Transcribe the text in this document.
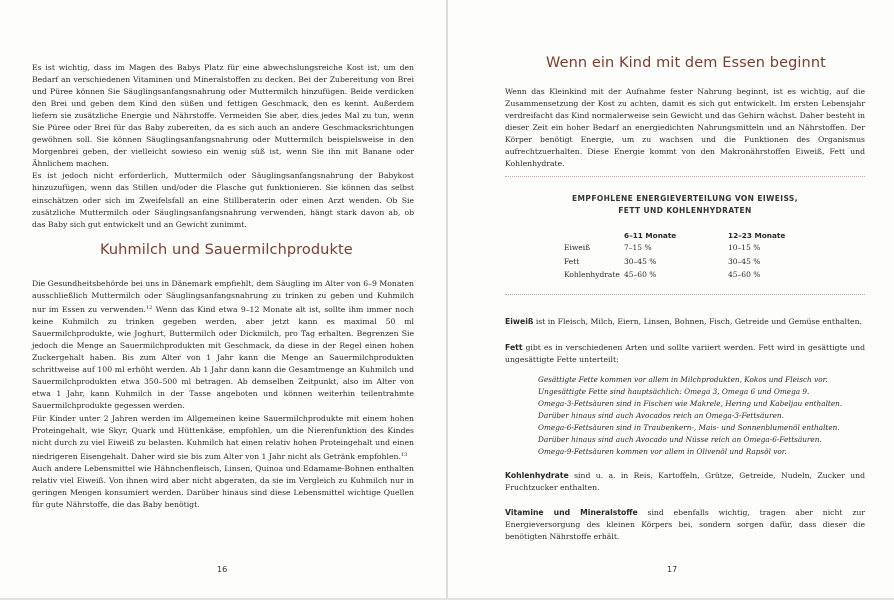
Es ist wichtig, dass im Magen des Babys Platz für eine abwechslungsreiche Kost ist, um den Bedarf an verschiedenen Vitaminen und Mineralstoffen zu decken. Bei der Zubereitung von Brei und Püree können Sie Säuglingsanfangsnahrung oder Muttermilch hinzufügen. Beide verdicken den Brei und geben dem Kind den süßen und fettigen Geschmack, den es kennt. Außerdem liefern sie zusätzliche Energie und Nährstoffe. Vermeiden Sie aber, dies jedes Mal zu tun, wenn Sie Püree oder Brei für das Baby zubereiten, da es sich auch an andere Geschmacksrichtungen gewöhnen soll. Sie können Säuglingsanfangsnahrung oder Muttermilch beispielsweise in den Morgenbrei geben, der vielleicht sowieso ein wenig süß ist, wenn Sie ihn mit Banane oder Ähnlichem machen.

Es ist jedoch nicht erforderlich, Muttermilch oder Säuglingsanfangsnahrung der Babykost hinzuzufügen, wenn das Stillen und/oder die Flasche gut funktionieren. Sie können das selbst einschätzen oder sich im Zweifelsfall an eine Stillberaterin oder einen Arzt wenden. Ob Sie zusätzliche Muttermilch oder Säuglingsanfangsnahrung verwenden, hängt stark davon ab, ob das Baby sich gut entwickelt und an Gewicht zunimmt.

Kuhmilch und Sauermilchprodukte

Die Gesundheitsbehörde bei uns in Dänemark empfiehlt, dem Säugling im Alter von 6–9 Monaten ausschließlich Muttermilch oder Säuglingsanfangsnahrung zu trinken zu geben und Kuhmilch nur im Essen zu verwenden.$^{12}$ Wenn das Kind etwa 9–12 Monate alt ist, sollte ihm immer noch keine Kuhmilch zu trinken gegeben werden, aber jetzt kann es maximal 50 ml Sauermilchprodukte, wie Joghurt, Buttermilch oder Dickmilch, pro Tag erhalten. Begrenzen Sie jedoch die Menge an Sauermilchprodukten mit Geschmack, da diese in der Regel einen hohen Zuckergehalt haben. Bis zum Alter von 1 Jahr kann die Menge an Sauermilchprodukten schrittweise auf 100 ml erhöht werden. Ab 1 Jahr dann kann die Gesamtmenge an Kuhmilch und Sauermilchprodukten etwa 350–500 ml betragen. Ab demselben Zeitpunkt, also im Alter von etwa 1 Jahr, kann Kuhmilch in der Tasse angeboten und können weiterhin teilentrahmte Sauermilchprodukte gegessen werden.

Für Kinder unter 2 Jahren werden im Allgemeinen keine Sauermilchprodukte mit einem hohen Proteingehalt, wie Skyr, Quark und Hüttenkäse, empfohlen, um die Nierenfunktion des Kindes nicht durch zu viel Eiweiß zu belasten. Kuhmilch hat einen relativ hohen Proteingehalt und einen niedrigeren Eisengehalt. Daher wird sie bis zum Alter von 1 Jahr nicht als Getränk empfohlen.$^{13}$

Auch andere Lebensmittel wie Hähnchenfleisch, Linsen, Quinoa und Edamame-Bohnen enthalten relativ viel Eiweiß. Von ihnen wird aber nicht abgeraten, da sie im Vergleich zu Kuhmilch nur in geringen Mengen konsumiert werden. Darüber hinaus sind diese Lebensmittel wichtige Quellen für gute Nährstoffe, die das Baby benötigt.

16
Wenn ein Kind mit dem Essen beginnt

Wenn das Kleinkind mit der Aufnahme fester Nahrung beginnt, ist es wichtig, auf die Zusammensetzung der Kost zu achten, damit es sich gut entwickelt. Im ersten Lebensjahr verdreifacht das Kind normalerweise sein Gewicht und das Gehirn wächst. Daher besteht in dieser Zeit ein hoher Bedarf an energiedichten Nahrungsmitteln und an Nährstoffen. Der Körper benötigt Energie, um zu wachsen und die Funktionen des Organismus aufrechtzuerhalten. Diese Energie kommt von den Makronährstoffen Eiweiß, Fett und Kohlenhydrate.

EMPFOHLENE ENERGIEVERTEILUNG VON EIWEISS,
FETT UND KOHLENHYDRATEN
	6–11 Monate	12–23 Monate
Eiweiß	7–15 %	10–15 %
Fett	30–45 %	30–45 %
Kohlenhydrate	45–60 %	45–60 %

Eiweiß ist in Fleisch, Milch, Eiern, Linsen, Bohnen, Fisch, Getreide und Gemüse enthalten.

Fett gibt es in verschiedenen Arten und sollte variiert werden. Fett wird in gesättigte und ungesättigte Fette unterteilt:

Gesättigte Fette kommen vor allem in Milchprodukten, Kokos und Fleisch vor.
Ungesättigte Fette sind hauptsächlich: Omega 3, Omega 6 und Omega 9.
Omega-3-Fettsäuren sind in Fischen wie Makrele, Hering und Kabeljau enthalten.
Darüber hinaus sind auch Avocados reich an Omega-3-Fettsäuren.
Omega-6-Fettsäuren sind in Traubenkern-, Mais- und Sonnenblumenöl enthalten.
Darüber hinaus sind auch Avocado und Nüsse reich an Omega-6-Fettsäuren.
Omega-9-Fettsäuren kommen vor allem in Olivenöl und Rapsöl vor.

Kohlenhydrate sind u. a. in Reis, Kartoffeln, Grütze, Getreide, Nudeln, Zucker und Fruchtzucker enthalten.

Vitamine und Mineralstoffe sind ebenfalls wichtig, tragen aber nicht zur Energieversorgung des kleinen Körpers bei, sondern sorgen dafür, dass dieser die benötigten Nährstoffe erhält.

17
